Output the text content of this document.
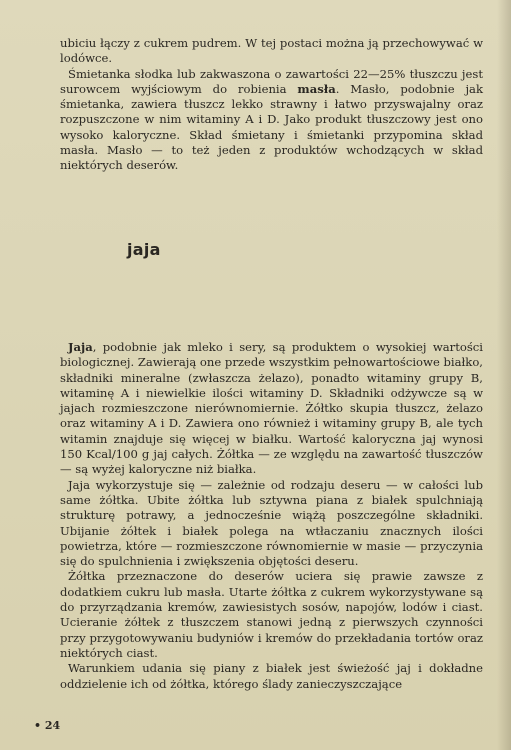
ubiciu łączy z cukrem pudrem. W tej postaci można ją przechowywać w lodówce.

Śmietanka słodka lub zakwaszona o zawartości 22—25% tłuszczu jest surowcem wyjściowym do robienia masła. Masło, podobnie jak śmietanka, zawiera tłuszcz lekko strawny i łatwo przyswajalny oraz rozpuszczone w nim witaminy A i D. Jako produkt tłuszczowy jest ono wysoko kaloryczne. Skład śmietany i śmietanki przypomina skład masła. Masło — to też jeden z produktów wchodzących w skład niektórych deserów.

jaja

Jaja, podobnie jak mleko i sery, są produktem o wysokiej wartości biologicznej. Zawierają one przede wszystkim pełnowartościowe białko, składniki mineralne (zwłaszcza żelazo), ponadto witaminy grupy B, witaminę A i niewielkie ilości witaminy D. Składniki odżywcze są w jajach rozmieszczone nierównomiernie. Żółtko skupia tłuszcz, żelazo oraz witaminy A i D. Zawiera ono również i witaminy grupy B, ale tych witamin znajduje się więcej w białku. Wartość kaloryczna jaj wynosi 150 Kcal/100 g jaj całych. Żółtka — ze względu na zawartość tłuszczów — są wyżej kaloryczne niż białka.

Jaja wykorzystuje się — zależnie od rodzaju deseru — w całości lub same żółtka. Ubite żółtka lub sztywna piana z białek spulchniają strukturę potrawy, a jednocześnie wiążą poszczególne składniki. Ubijanie żółtek i białek polega na wtłaczaniu znacznych ilości powietrza, które — rozmieszczone równomiernie w masie — przyczynia się do spulchnienia i zwiększenia objętości deseru.

Żółtka przeznaczone do deserów uciera się prawie zawsze z dodatkiem cukru lub masła. Utarte żółtka z cukrem wykorzystywane są do przyrządzania kremów, zawiesistych sosów, napojów, lodów i ciast. Ucieranie żółtek z tłuszczem stanowi jedną z pierwszych czynności przy przygotowywaniu budyniów i kremów do przekładania tortów oraz niektórych ciast.

Warunkiem udania się piany z białek jest świeżość jaj i dokładne oddzielenie ich od żółtka, którego ślady zanieczyszczające

• 24
